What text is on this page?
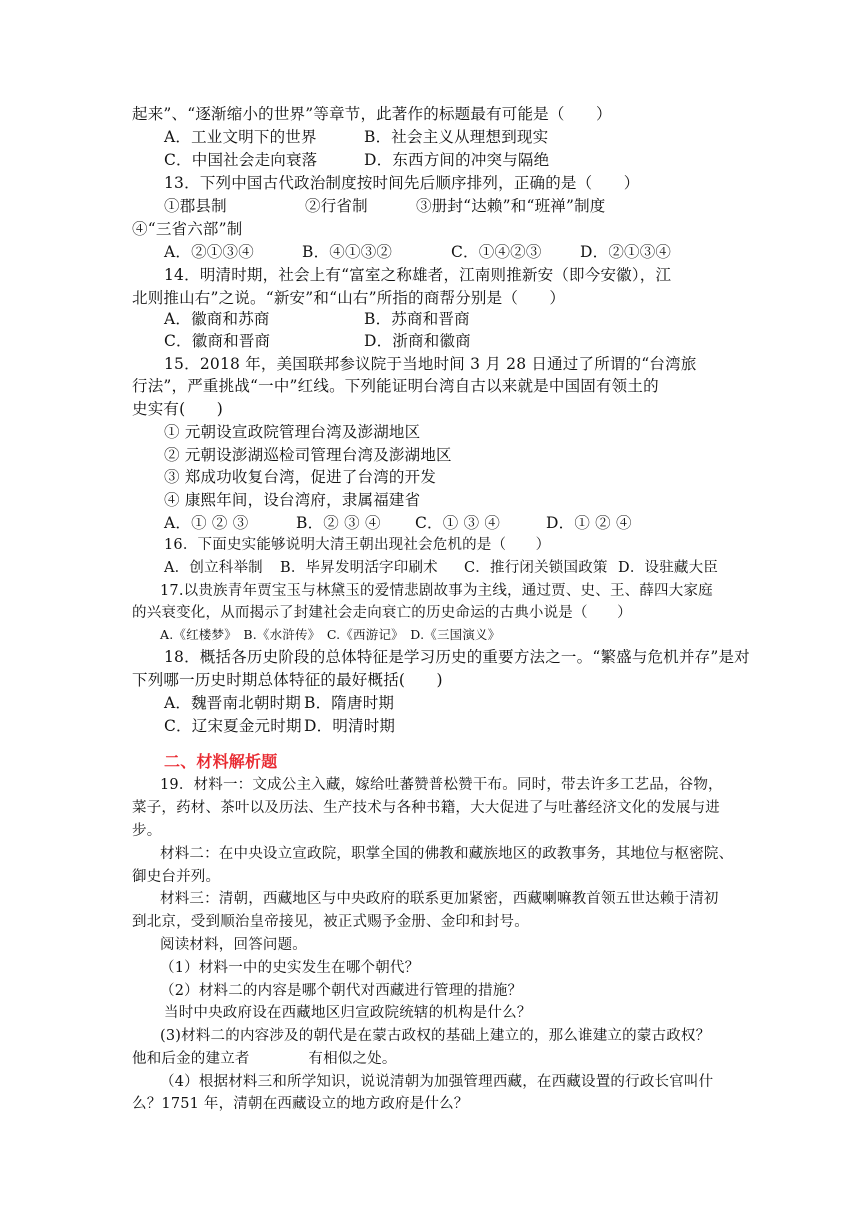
起来”、“逐渐缩小的世界”等章节，此著作的标题最有可能是（　　）
A．工业文明下的世界	B．社会主义从理想到现实
C．中国社会走向衰落	D．东西方间的冲突与隔绝
13．下列中国古代政治制度按时间先后顺序排列，正确的是（　　）
①郡县制	②行省制	③册封“达赖”和“班禅”制度
④“三省六部”制
A．②①③④	B．④①③②	C．①④②③ D．②①③④
14．明清时期，社会上有“富室之称雄者，江南则推新安（即今安徽），江
北则推山右”之说。“新安”和“山右”所指的商帮分别是（　　）
A．徽商和苏商	B．苏商和晋商
C．徽商和晋商	D．浙商和徽商
15．2018 年，美国联邦参议院于当地时间 3 月 28 日通过了所谓的“台湾旅
行法”，严重挑战“一中”红线。下列能证明台湾自古以来就是中国固有领土的
史实有(　　)
① 元朝设宣政院管理台湾及澎湖地区
② 元朝设澎湖巡检司管理台湾及澎湖地区
③ 郑成功收复台湾，促进了台湾的开发
④ 康熙年间，设台湾府，隶属福建省
A．① ② ③	B．② ③ ④ C．① ③ ④	D．① ② ④
16．下面史实能够说明大清王朝出现社会危机的是（　　）
A．创立科举制 B．毕昇发明活字印刷术 C．推行闭关锁国政策 D．设驻藏大臣
17.以贵族青年贾宝玉与林黛玉的爱情悲剧故事为主线，通过贾、史、王、薛四大家庭
的兴衰变化，从而揭示了封建社会走向衰亡的历史命运的古典小说是（　　）
A.《红楼梦》　B.《水浒传》　C.《西游记》　D.《三国演义》
18．概括各历史阶段的总体特征是学习历史的重要方法之一。“繁盛与危机并存”是对
下列哪一历史时期总体特征的最好概括(　　)
A．魏晋南北朝时期 B．隋唐时期
C．辽宋夏金元时期 D．明清时期
二、材料解析题
19．材料一：文成公主入藏，嫁给吐蕃赞普松赞干布。同时，带去许多工艺品，谷物，
菜子，药材、茶叶以及历法、生产技术与各种书籍，大大促进了与吐蕃经济文化的发展与进
步。
材料二：在中央设立宣政院，职掌全国的佛教和藏族地区的政教事务，其地位与枢密院、
御史台并列。
材料三：清朝，西藏地区与中央政府的联系更加紧密，西藏喇嘛教首领五世达赖于清初
到北京，受到顺治皇帝接见，被正式赐予金册、金印和封号。
阅读材料，回答问题。
（1）材料一中的史实发生在哪个朝代？
（2）材料二的内容是哪个朝代对西藏进行管理的措施？
当时中央政府设在西藏地区归宣政院统辖的机构是什么？
(3)材料二的内容涉及的朝代是在蒙古政权的基础上建立的，那么谁建立的蒙古政权？
他和后金的建立者　　　　有相似之处。
（4）根据材料三和所学知识，说说清朝为加强管理西藏，在西藏设置的行政长官叫什
么？1751 年，清朝在西藏设立的地方政府是什么？
